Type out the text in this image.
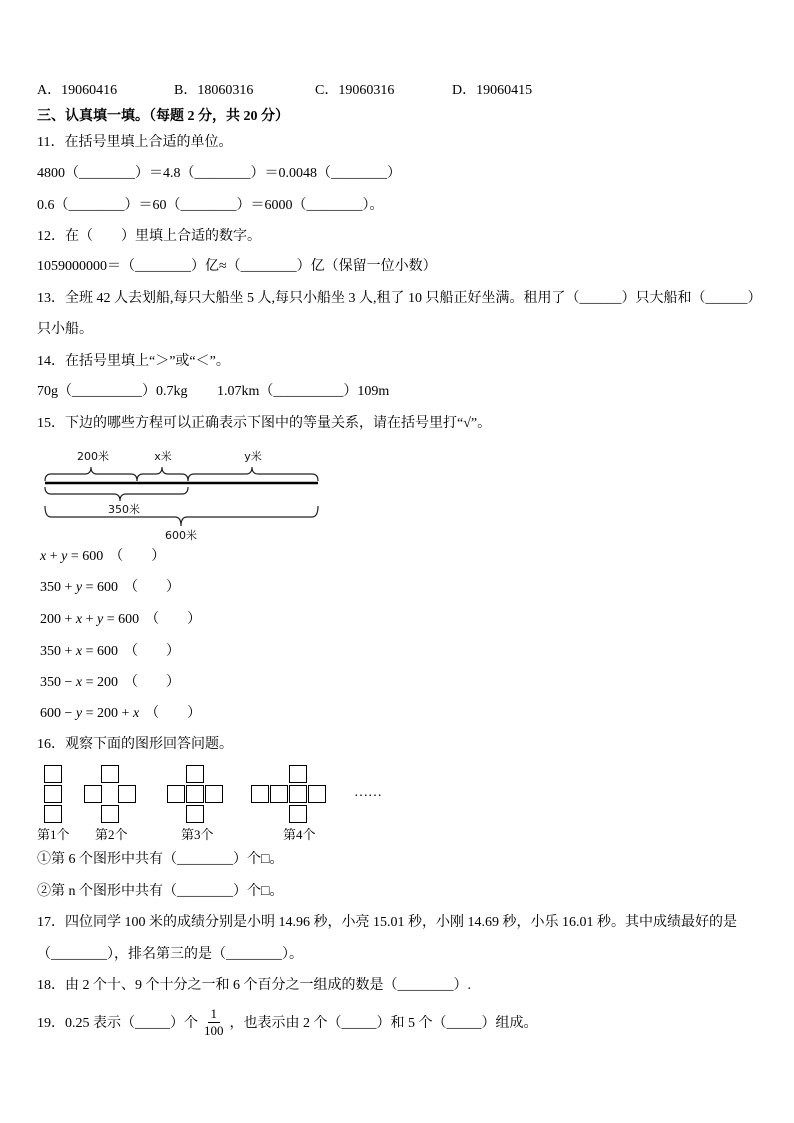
A．19060416	B．18060316	C．19060316	D．19060415
三、认真填一填。（每题 2 分，共 20 分）
11．在括号里填上合适的单位。
4800（________）＝4.8（________）＝0.0048（________）
0.6（________）＝60（________）＝6000（________）。
12．在（　　）里填上合适的数字。
1059000000＝（________）亿≈（________）亿（保留一位小数）
13．全班 42 人去划船,每只大船坐 5 人,每只小船坐 3 人,租了 10 只船正好坐满。租用了（______）只大船和（______）
只小船。
14．在括号里填上“＞”或“＜”。
70g（__________）0.7kg 1.07km（__________）109m
15．下边的哪些方程可以正确表示下图中的等量关系，请在括号里打“√”。
200米	x米	y米
350米
600米
x + y = 600 （　　）
350 + y = 600 （　　）
200 + x + y = 600 （　　）
350 + x = 600 （　　）
350 − x = 200 （　　）
600 − y = 200 + x （　　）
16．观察下面的图形回答问题。
……
第1个 第2个	第3个	第4个
①第 6 个图形中共有（________）个□。
②第 n 个图形中共有（________）个□。
17．四位同学 100 米的成绩分别是小明 14.96 秒，小亮 15.01 秒，小刚 14.69 秒，小乐 16.01 秒。其中成绩最好的是
（________），排名第三的是（________）。
18．由 2 个十、9 个十分之一和 6 个百分之一组成的数是（________）.
19．0.25 表示（_____）个 $\frac{1}{100}$ ，也表示由 2 个（_____）和 5 个（_____）组成。
